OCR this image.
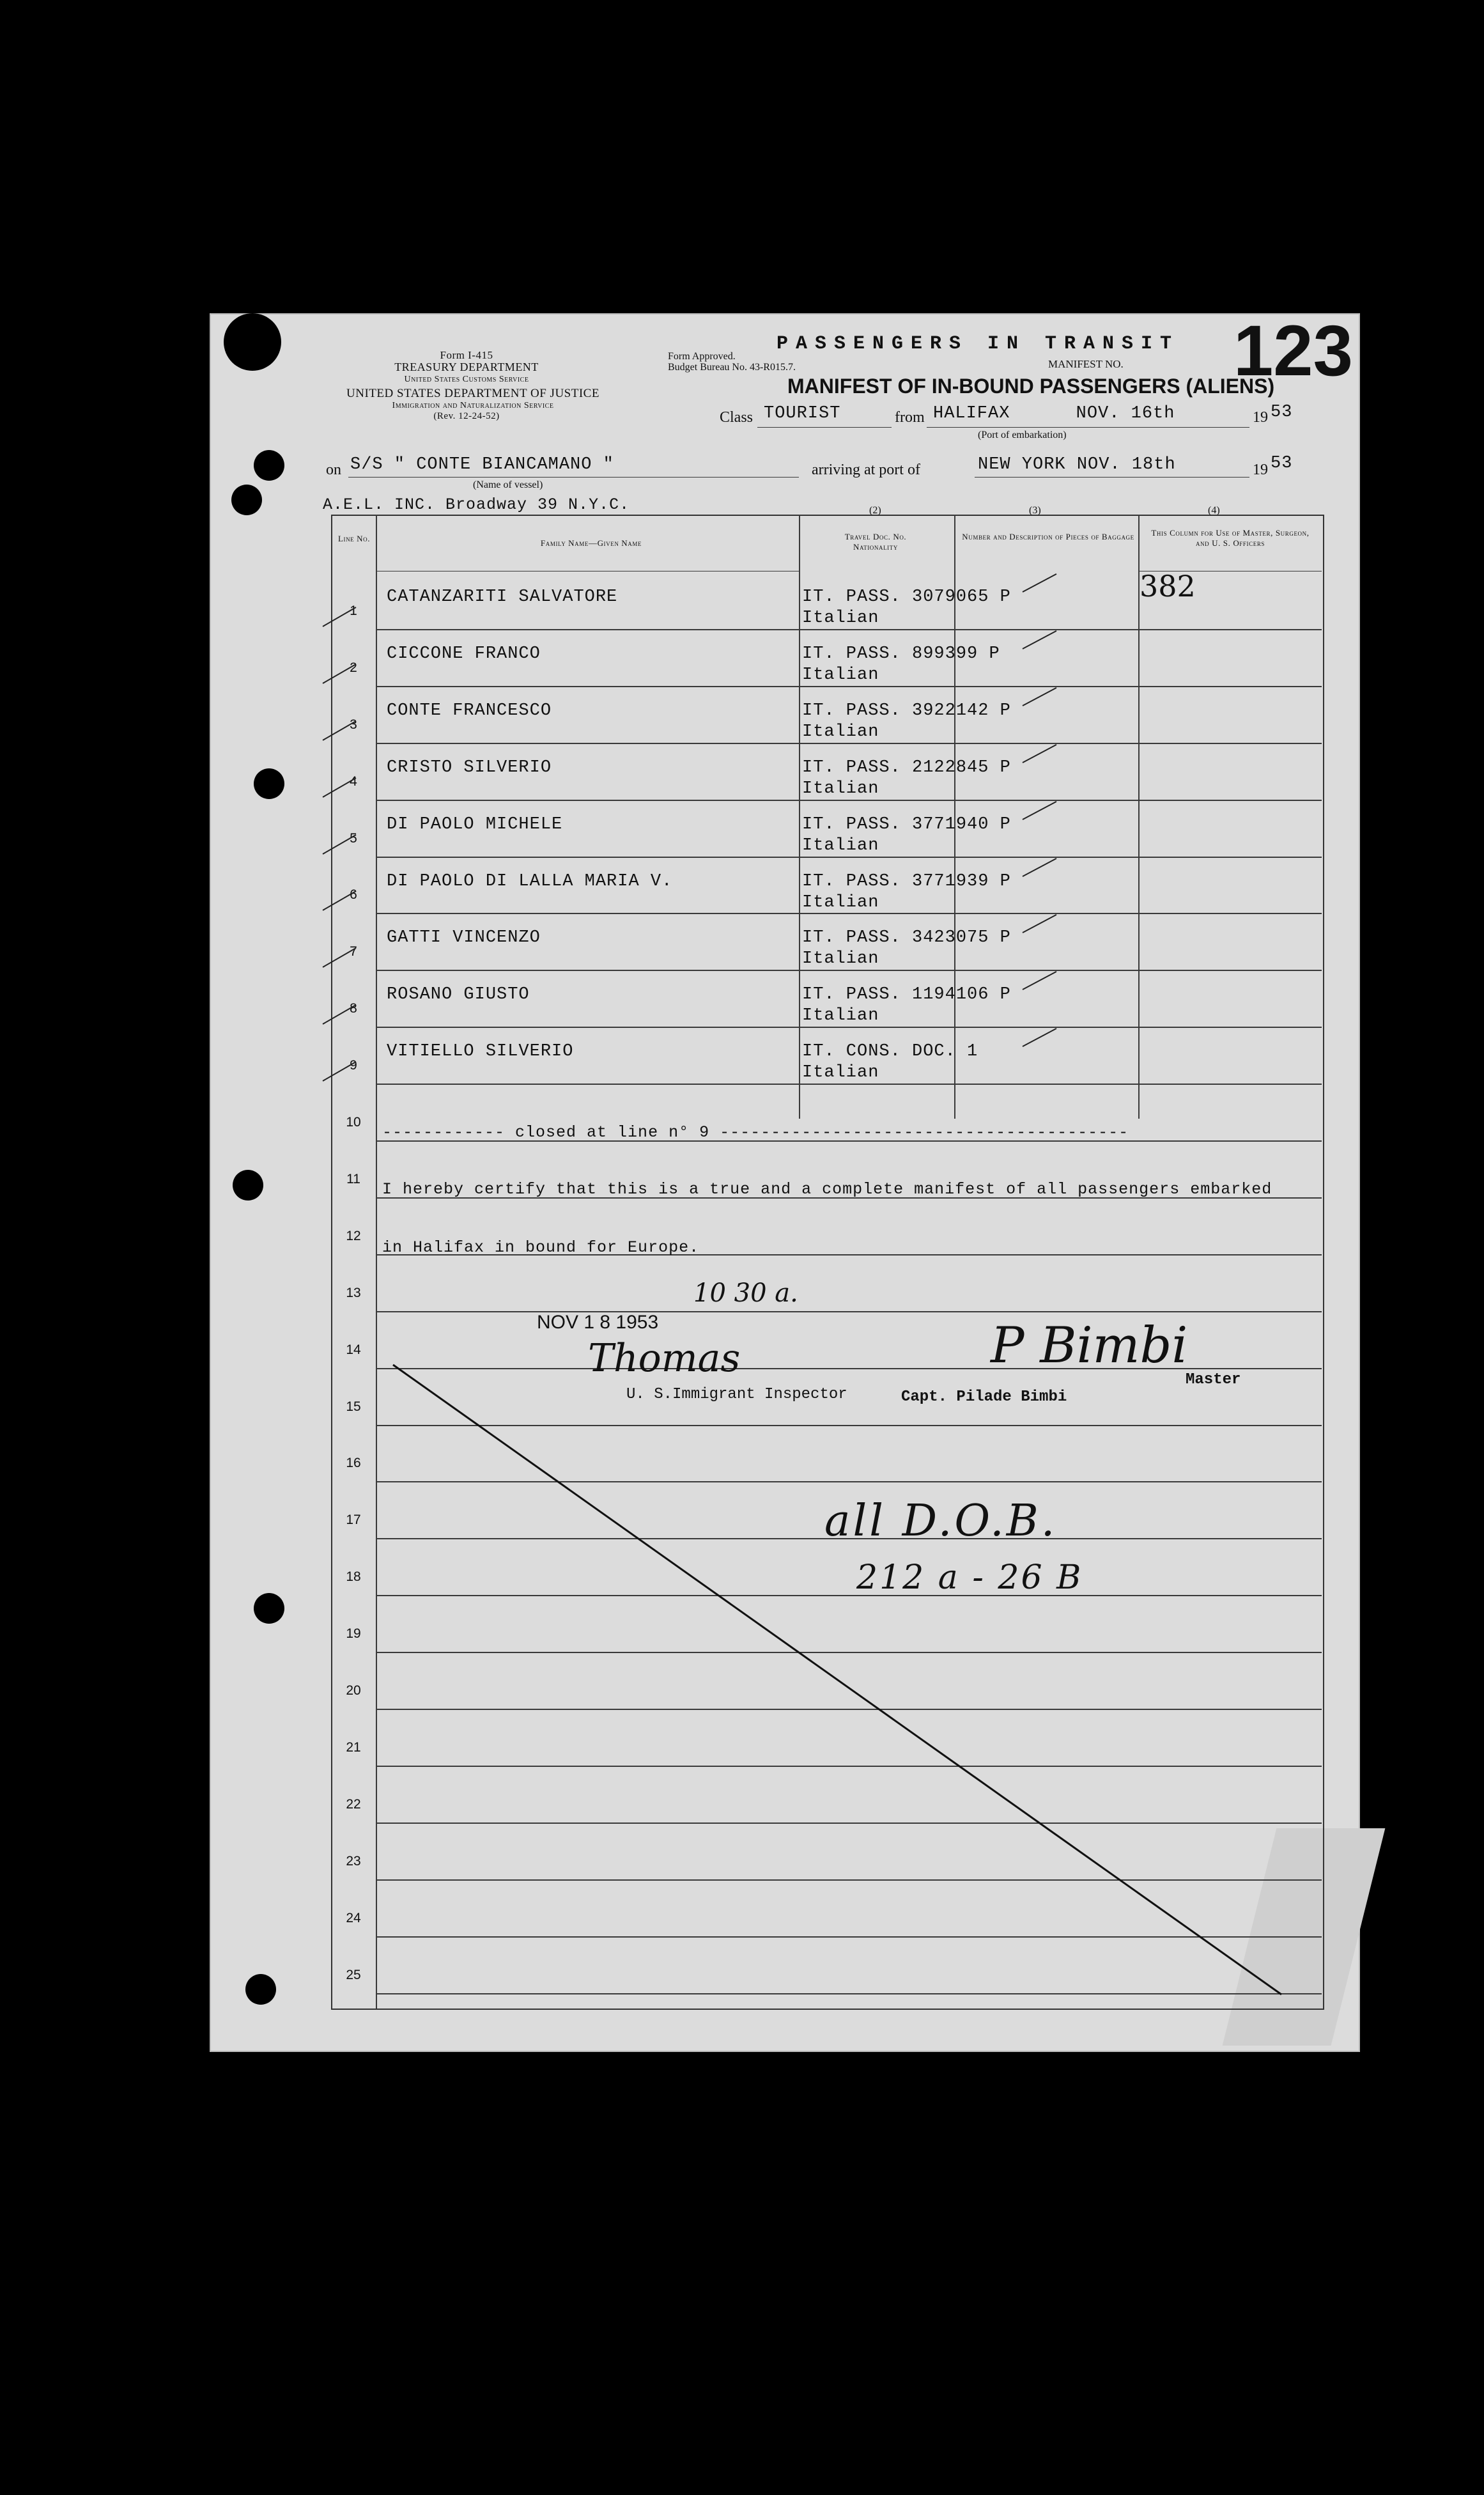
Form I-415
TREASURY DEPARTMENT
United States Customs Service
UNITED STATES DEPARTMENT OF JUSTICE
Immigration and Naturalization Service
(Rev. 12-24-52)
Form Approved.
Budget Bureau No. 43-R015.7.
PASSENGERS IN TRANSIT
MANIFEST NO. 123
MANIFEST OF IN-BOUND PASSENGERS (ALIENS)
Class TOURIST	from HALIFAX      NOV. 16th	19 53
(Port of embarkation)
on S/S " CONTE BIANCAMANO "
(Name of vessel)
arriving at port of	NEW YORK NOV. 18th	19 53
A.E.L. INC. Broadway 39 N.Y.C.	(2)	(3)	(4)
Line No.	Family Name—Given Name
Travel Doc. No. Nationality
Number and Description of Pieces of Baggage	This Column for Use of Master, Surgeon, and U. S. Officers
382
1
CATANZARITI SALVATORE	IT. PASS. 3079065 P
Italian
2
CICCONE FRANCO	IT. PASS. 899399 P
Italian
3
CONTE FRANCESCO	IT. PASS. 3922142 P
Italian
4
CRISTO SILVERIO	IT. PASS. 2122845 P
Italian
5
DI PAOLO MICHELE	IT. PASS. 3771940 P
Italian
6
DI PAOLO DI LALLA MARIA V.	IT. PASS. 3771939 P
Italian
7
GATTI VINCENZO	IT. PASS. 3423075 P
Italian
8
ROSANO GIUSTO	IT. PASS. 1194106 P
Italian
9
VITIELLO SILVERIO	IT. CONS. DOC. 1
Italian
10
11
12
13
14
15
16
17
18
19
20
21
22
23
24
25
------------ closed at line n° 9 ----------------------------------------
I hereby certify that this is a true and a complete manifest of all passengers embarked
in Halifax in bound for Europe.
NOV 1 8 1953
10 30 a.
Thomas
U. S.Immigrant Inspector
P Bimbi
Capt. Pilade Bimbi
Master
all D.O.B.
212 a - 26 B
